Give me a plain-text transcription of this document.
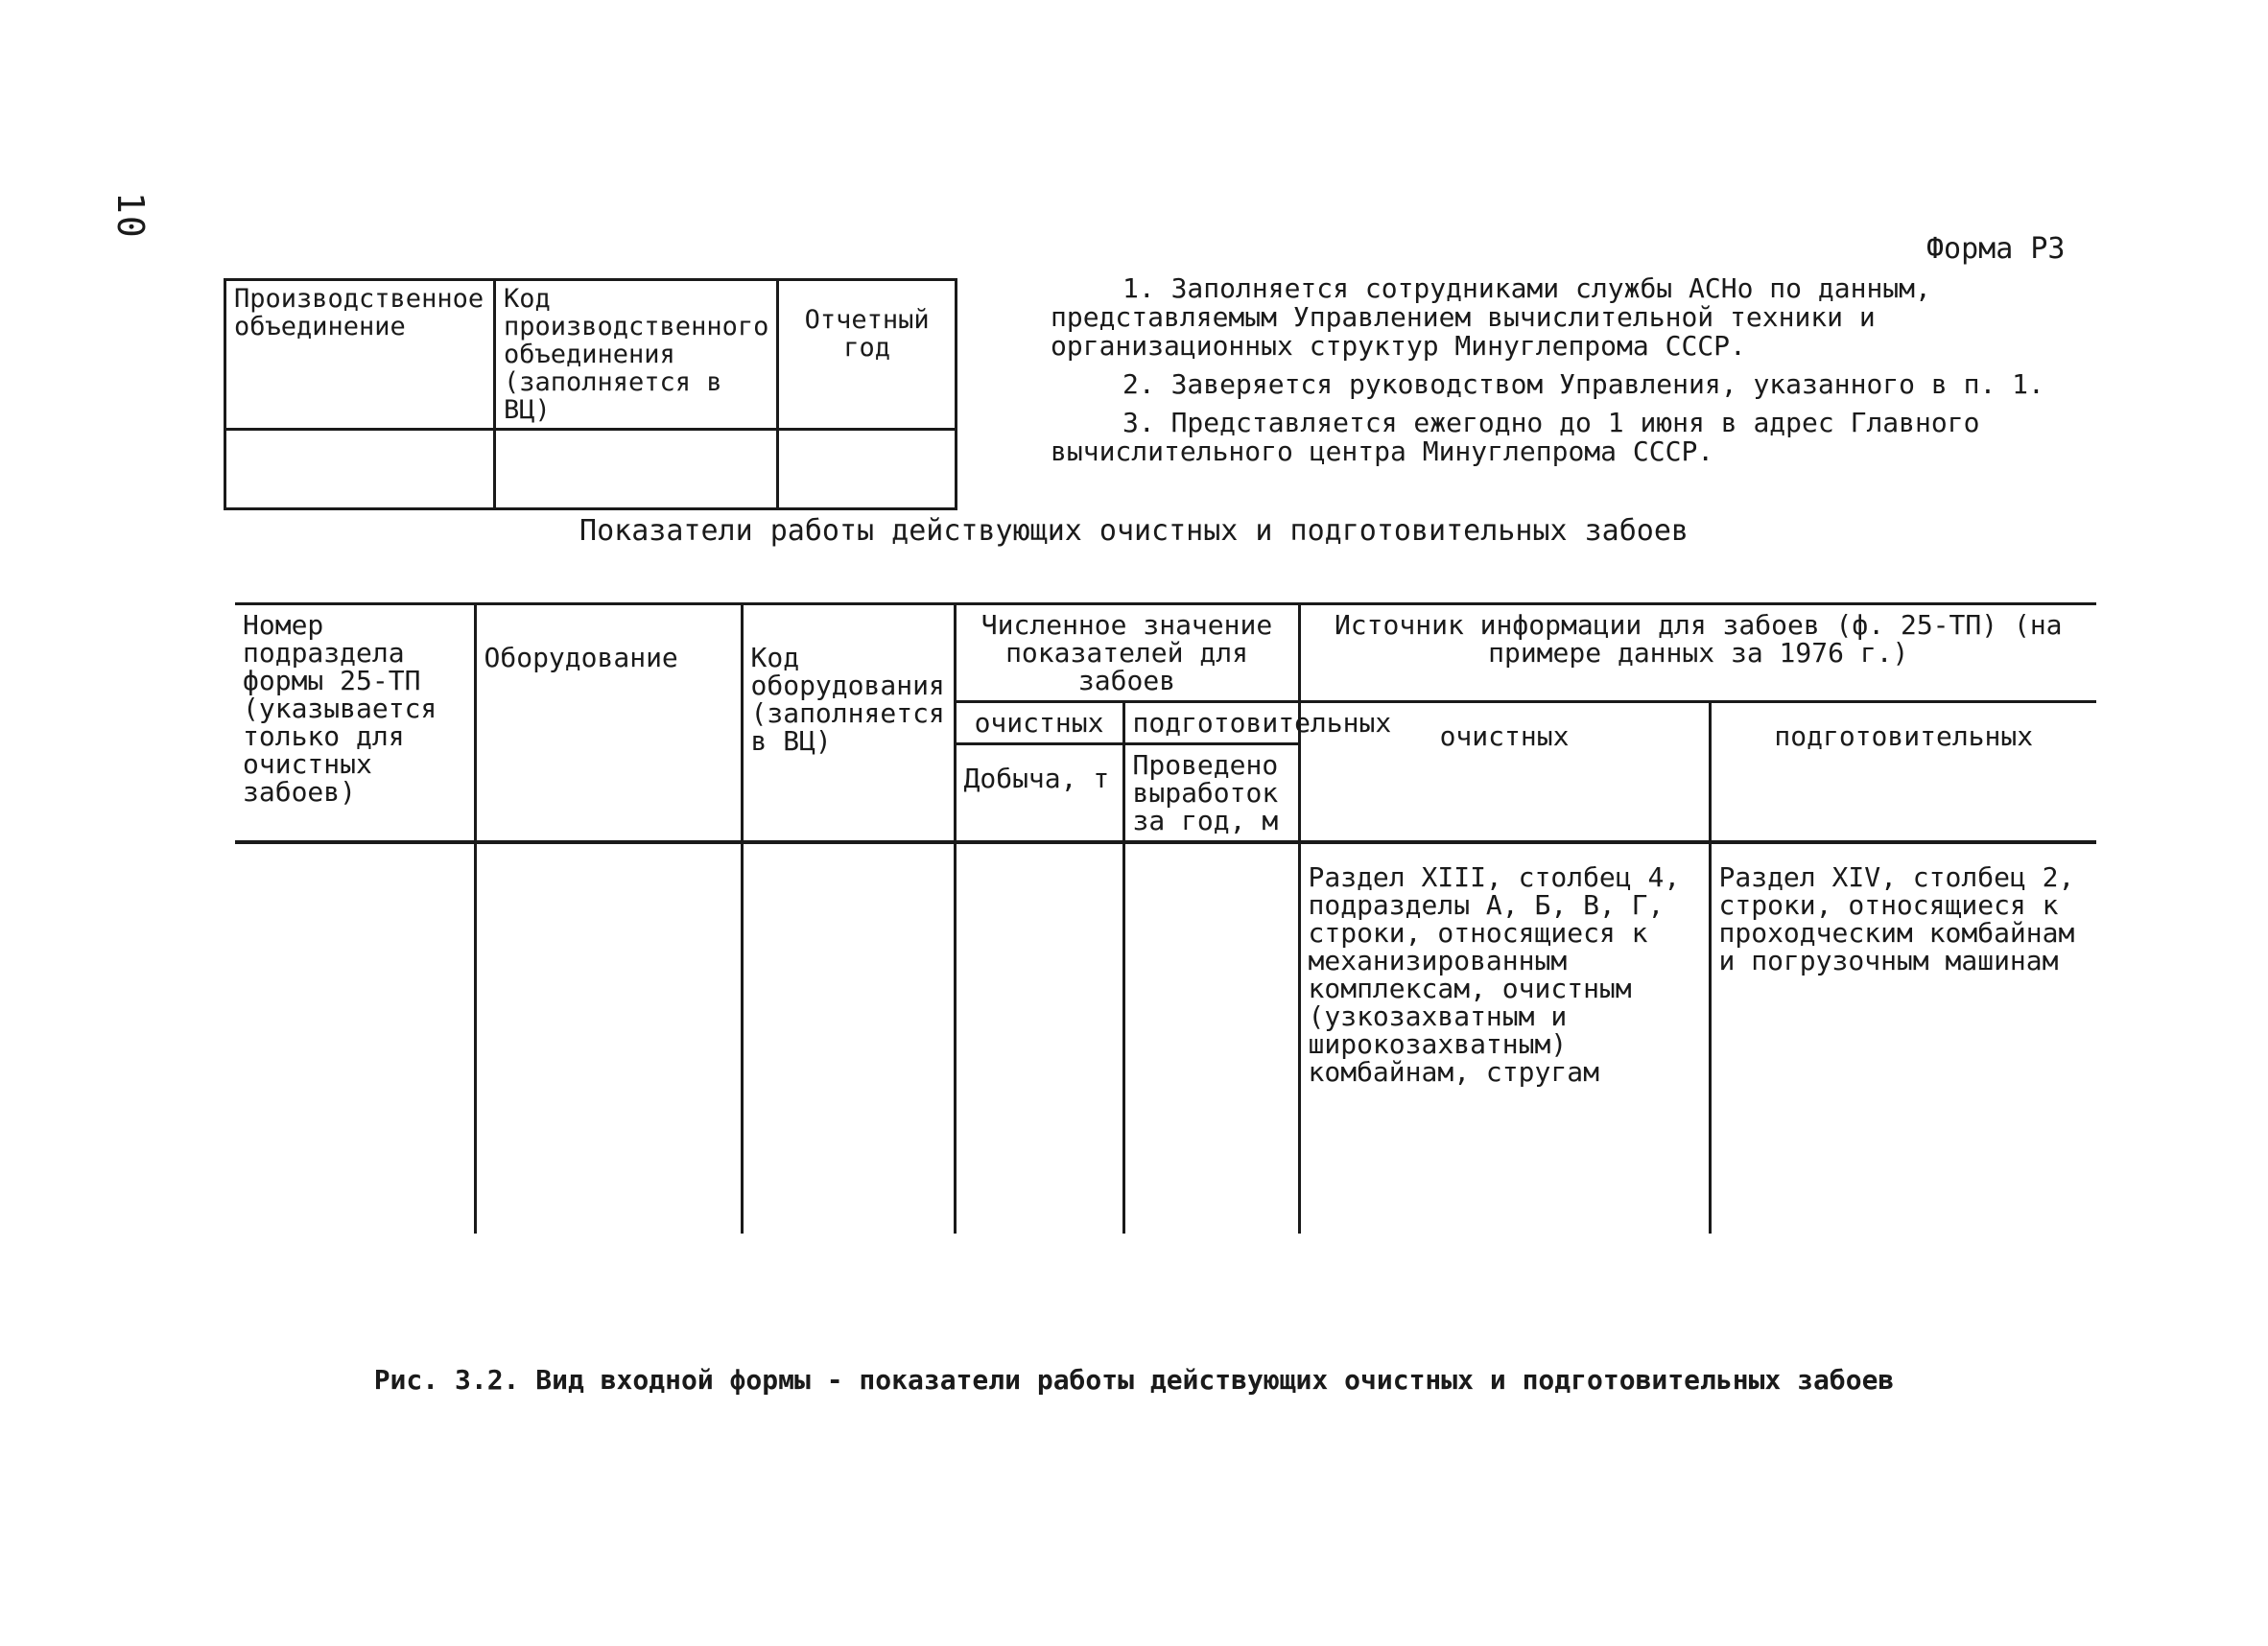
10
Форма Р3
Производственное объединение	Код производственного объединения (заполняется в ВЦ)	Отчетный год

1. Заполняется сотрудниками службы АСНо по данным, представляемым Управлением вычислительной техники и организационных структур Минуглепрома СССР.

2. Заверяется руководством Управления, указанного в п. 1.

3. Представляется ежегодно до 1 июня в адрес Главного вычислительного центра Минуглепрома СССР.

Показатели работы действующих очистных и подготовительных забоев
Номер подраздела формы 25-ТП (указывается только для очистных забоев)	Оборудование	Код оборудования (заполняется в ВЦ)	Численное значение показателей для забоев		Источник информации для забоев (ф. 25-ТП) (на примере данных за 1976 г.)	
			очистных	подготовительных	очистных	подготовительных
			Добыча, т	Проведено выработок за год, м		
					Раздел XIII, столбец 4, подразделы А, Б, В, Г, строки, относящиеся к механизированным комплексам, очистным (узкозахватным и широкозахватным) комбайнам, стругам	Раздел XIV, столбец 2, строки, относящиеся к проходческим комбайнам и погрузочным машинам
Рис. 3.2. Вид входной формы - показатели работы действующих очистных и подготовительных забоев
